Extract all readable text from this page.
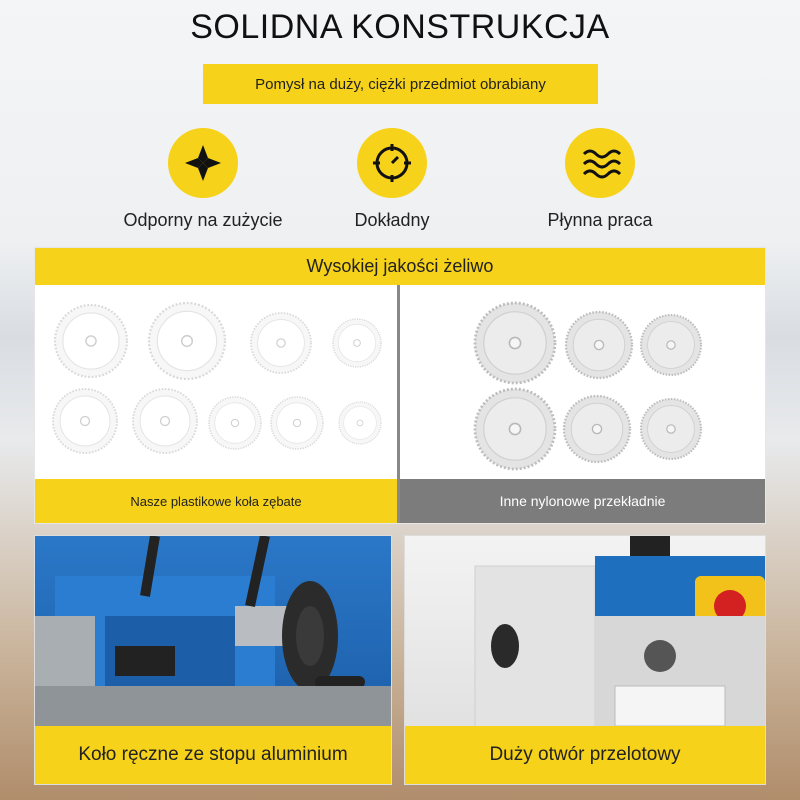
SOLIDNA KONSTRUKCJA
Pomysł na duży, ciężki przedmiot obrabiany
Odporny na zużycie	Dokładny	Płynna praca
Wysokiej jakości żeliwo
Nasze plastikowe koła zębate	Inne nylonowe przekładnie
Koło ręczne ze stopu aluminium	Duży otwór przelotowy
